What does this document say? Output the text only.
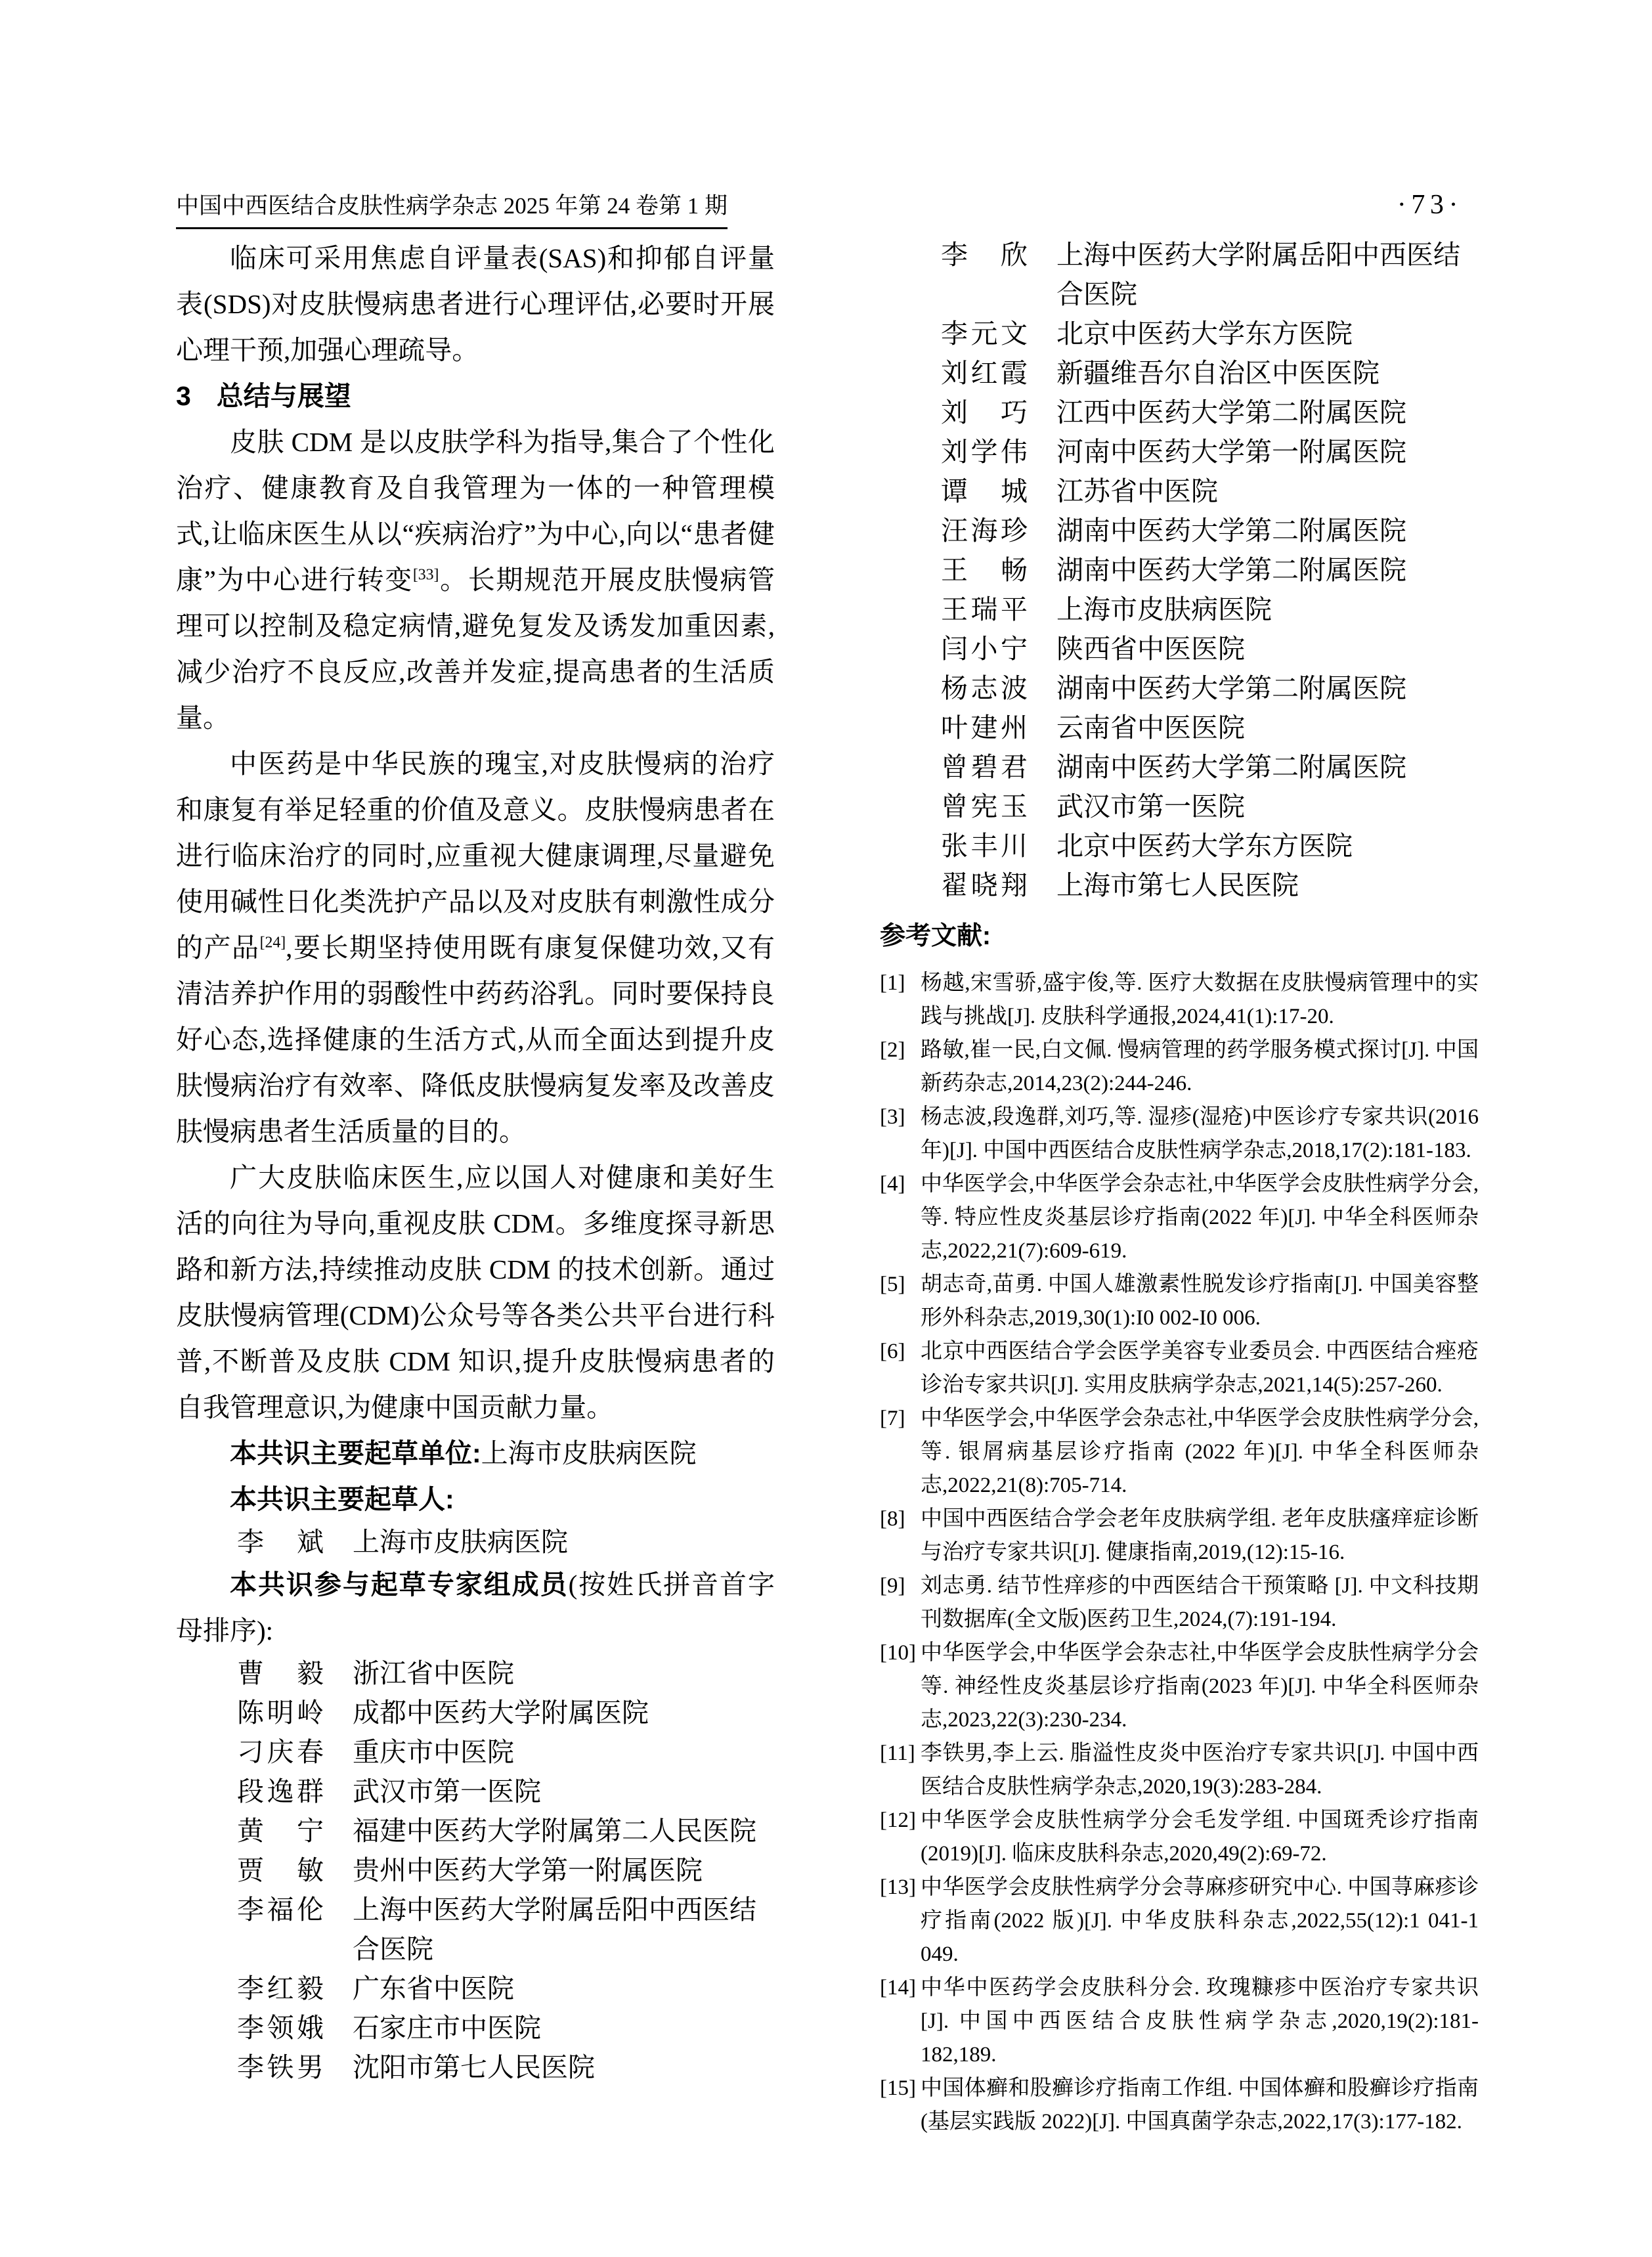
中国中西医结合皮肤性病学杂志 2025 年第 24 卷第 1 期	·73·

临床可采用焦虑自评量表(SAS)和抑郁自评量表(SDS)对皮肤慢病患者进行心理评估,必要时开展心理干预,加强心理疏导。

3 总结与展望

皮肤 CDM 是以皮肤学科为指导,集合了个性化治疗、健康教育及自我管理为一体的一种管理模式,让临床医生从以“疾病治疗”为中心,向以“患者健康”为中心进行转变[33]。长期规范开展皮肤慢病管理可以控制及稳定病情,避免复发及诱发加重因素,减少治疗不良反应,改善并发症,提高患者的生活质量。

中医药是中华民族的瑰宝,对皮肤慢病的治疗和康复有举足轻重的价值及意义。皮肤慢病患者在进行临床治疗的同时,应重视大健康调理,尽量避免使用碱性日化类洗护产品以及对皮肤有刺激性成分的产品[24],要长期坚持使用既有康复保健功效,又有清洁养护作用的弱酸性中药药浴乳。同时要保持良好心态,选择健康的生活方式,从而全面达到提升皮肤慢病治疗有效率、降低皮肤慢病复发率及改善皮肤慢病患者生活质量的目的。

广大皮肤临床医生,应以国人对健康和美好生活的向往为导向,重视皮肤 CDM。多维度探寻新思路和新方法,持续推动皮肤 CDM 的技术创新。通过皮肤慢病管理(CDM)公众号等各类公共平台进行科普,不断普及皮肤 CDM 知识,提升皮肤慢病患者的自我管理意识,为健康中国贡献力量。

本共识主要起草单位:上海市皮肤病医院

本共识主要起草人:

李　斌 上海市皮肤病医院

本共识参与起草专家组成员(按姓氏拼音首字母排序):

曹　毅 浙江省中医院
陈明岭 成都中医药大学附属医院
刁庆春 重庆市中医院
段逸群 武汉市第一医院
黄　宁 福建中医药大学附属第二人民医院
贾　敏 贵州中医药大学第一附属医院
李福伦 上海中医药大学附属岳阳中西医结合医院
李红毅 广东省中医院
李领娥 石家庄市中医院
李铁男 沈阳市第七人民医院
李　欣 上海中医药大学附属岳阳中西医结合医院
李元文 北京中医药大学东方医院
刘红霞 新疆维吾尔自治区中医医院
刘　巧 江西中医药大学第二附属医院
刘学伟 河南中医药大学第一附属医院
谭　城 江苏省中医院
汪海珍 湖南中医药大学第二附属医院
王　畅 湖南中医药大学第二附属医院
王瑞平 上海市皮肤病医院
闫小宁 陕西省中医医院
杨志波 湖南中医药大学第二附属医院
叶建州 云南省中医医院
曾碧君 湖南中医药大学第二附属医院
曾宪玉 武汉市第一医院
张丰川 北京中医药大学东方医院
翟晓翔 上海市第七人民医院

参考文献:

[1] 杨越,宋雪骄,盛宇俊,等. 医疗大数据在皮肤慢病管理中的实践与挑战[J]. 皮肤科学通报,2024,41(1):17-20.
[2] 路敏,崔一民,白文佩. 慢病管理的药学服务模式探讨[J]. 中国新药杂志,2014,23(2):244-246.
[3] 杨志波,段逸群,刘巧,等. 湿疹(湿疮)中医诊疗专家共识(2016 年)[J]. 中国中西医结合皮肤性病学杂志,2018,17(2):181-183.
[4] 中华医学会,中华医学会杂志社,中华医学会皮肤性病学分会,等. 特应性皮炎基层诊疗指南(2022 年)[J]. 中华全科医师杂志,2022,21(7):609-619.
[5] 胡志奇,苗勇. 中国人雄激素性脱发诊疗指南[J]. 中国美容整形外科杂志,2019,30(1):I0 002-I0 006.
[6] 北京中西医结合学会医学美容专业委员会. 中西医结合痤疮诊治专家共识[J]. 实用皮肤病学杂志,2021,14(5):257-260.
[7] 中华医学会,中华医学会杂志社,中华医学会皮肤性病学分会,等. 银屑病基层诊疗指南 (2022 年)[J]. 中华全科医师杂志,2022,21(8):705-714.
[8] 中国中西医结合学会老年皮肤病学组. 老年皮肤瘙痒症诊断与治疗专家共识[J]. 健康指南,2019,(12):15-16.
[9] 刘志勇. 结节性痒疹的中西医结合干预策略 [J]. 中文科技期刊数据库(全文版)医药卫生,2024,(7):191-194.
[10] 中华医学会,中华医学会杂志社,中华医学会皮肤性病学分会等. 神经性皮炎基层诊疗指南(2023 年)[J]. 中华全科医师杂志,2023,22(3):230-234.
[11] 李铁男,李上云. 脂溢性皮炎中医治疗专家共识[J]. 中国中西医结合皮肤性病学杂志,2020,19(3):283-284.
[12] 中华医学会皮肤性病学分会毛发学组. 中国斑秃诊疗指南(2019)[J]. 临床皮肤科杂志,2020,49(2):69-72.
[13] 中华医学会皮肤性病学分会荨麻疹研究中心. 中国荨麻疹诊疗指南(2022 版)[J]. 中华皮肤科杂志,2022,55(12):1 041-1 049.
[14] 中华中医药学会皮肤科分会. 玫瑰糠疹中医治疗专家共识[J]. 中国中西医结合皮肤性病学杂志,2020,19(2):181-182,189.
[15] 中国体癣和股癣诊疗指南工作组. 中国体癣和股癣诊疗指南(基层实践版 2022)[J]. 中国真菌学杂志,2022,17(3):177-182.
